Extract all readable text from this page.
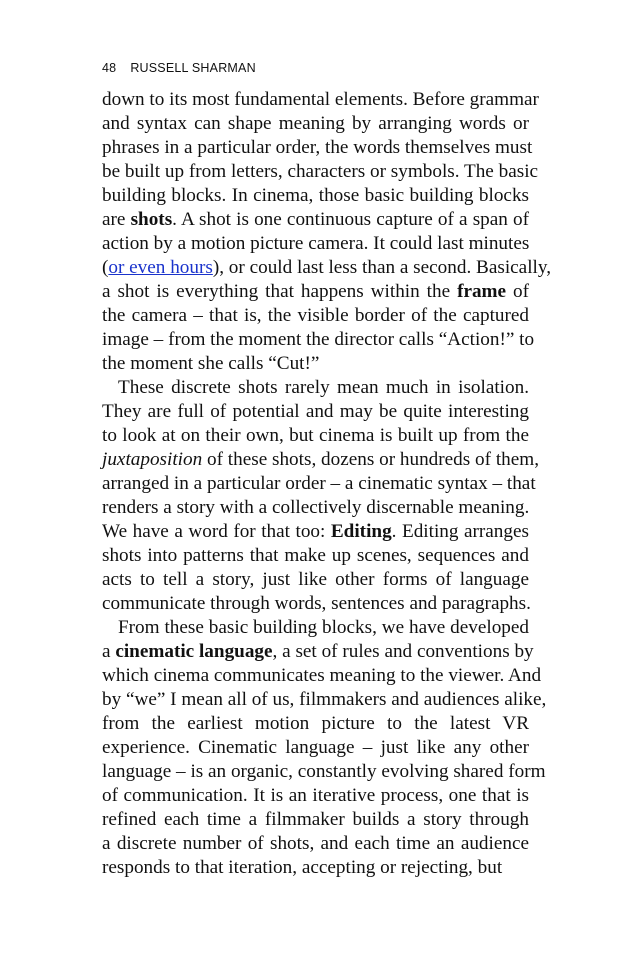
48 RUSSELL SHARMAN

down to its most fundamental elements. Before grammar
and syntax can shape meaning by arranging words or
phrases in a particular order, the words themselves must
be built up from letters, characters or symbols. The basic
building blocks. In cinema, those basic building blocks
are shots. A shot is one continuous capture of a span of
action by a motion picture camera. It could last minutes
(or even hours), or could last less than a second. Basically,
a shot is everything that happens within the frame of
the camera – that is, the visible border of the captured
image – from the moment the director calls “Action!” to
the moment she calls “Cut!”

These discrete shots rarely mean much in isolation.
They are full of potential and may be quite interesting
to look at on their own, but cinema is built up from the
juxtaposition of these shots, dozens or hundreds of them,
arranged in a particular order – a cinematic syntax – that
renders a story with a collectively discernable meaning.
We have a word for that too: Editing. Editing arranges
shots into patterns that make up scenes, sequences and
acts to tell a story, just like other forms of language
communicate through words, sentences and paragraphs.

From these basic building blocks, we have developed
a cinematic language, a set of rules and conventions by
which cinema communicates meaning to the viewer. And
by “we” I mean all of us, filmmakers and audiences alike,
from the earliest motion picture to the latest VR
experience. Cinematic language – just like any other
language – is an organic, constantly evolving shared form
of communication. It is an iterative process, one that is
refined each time a filmmaker builds a story through
a discrete number of shots, and each time an audience
responds to that iteration, accepting or rejecting, but
